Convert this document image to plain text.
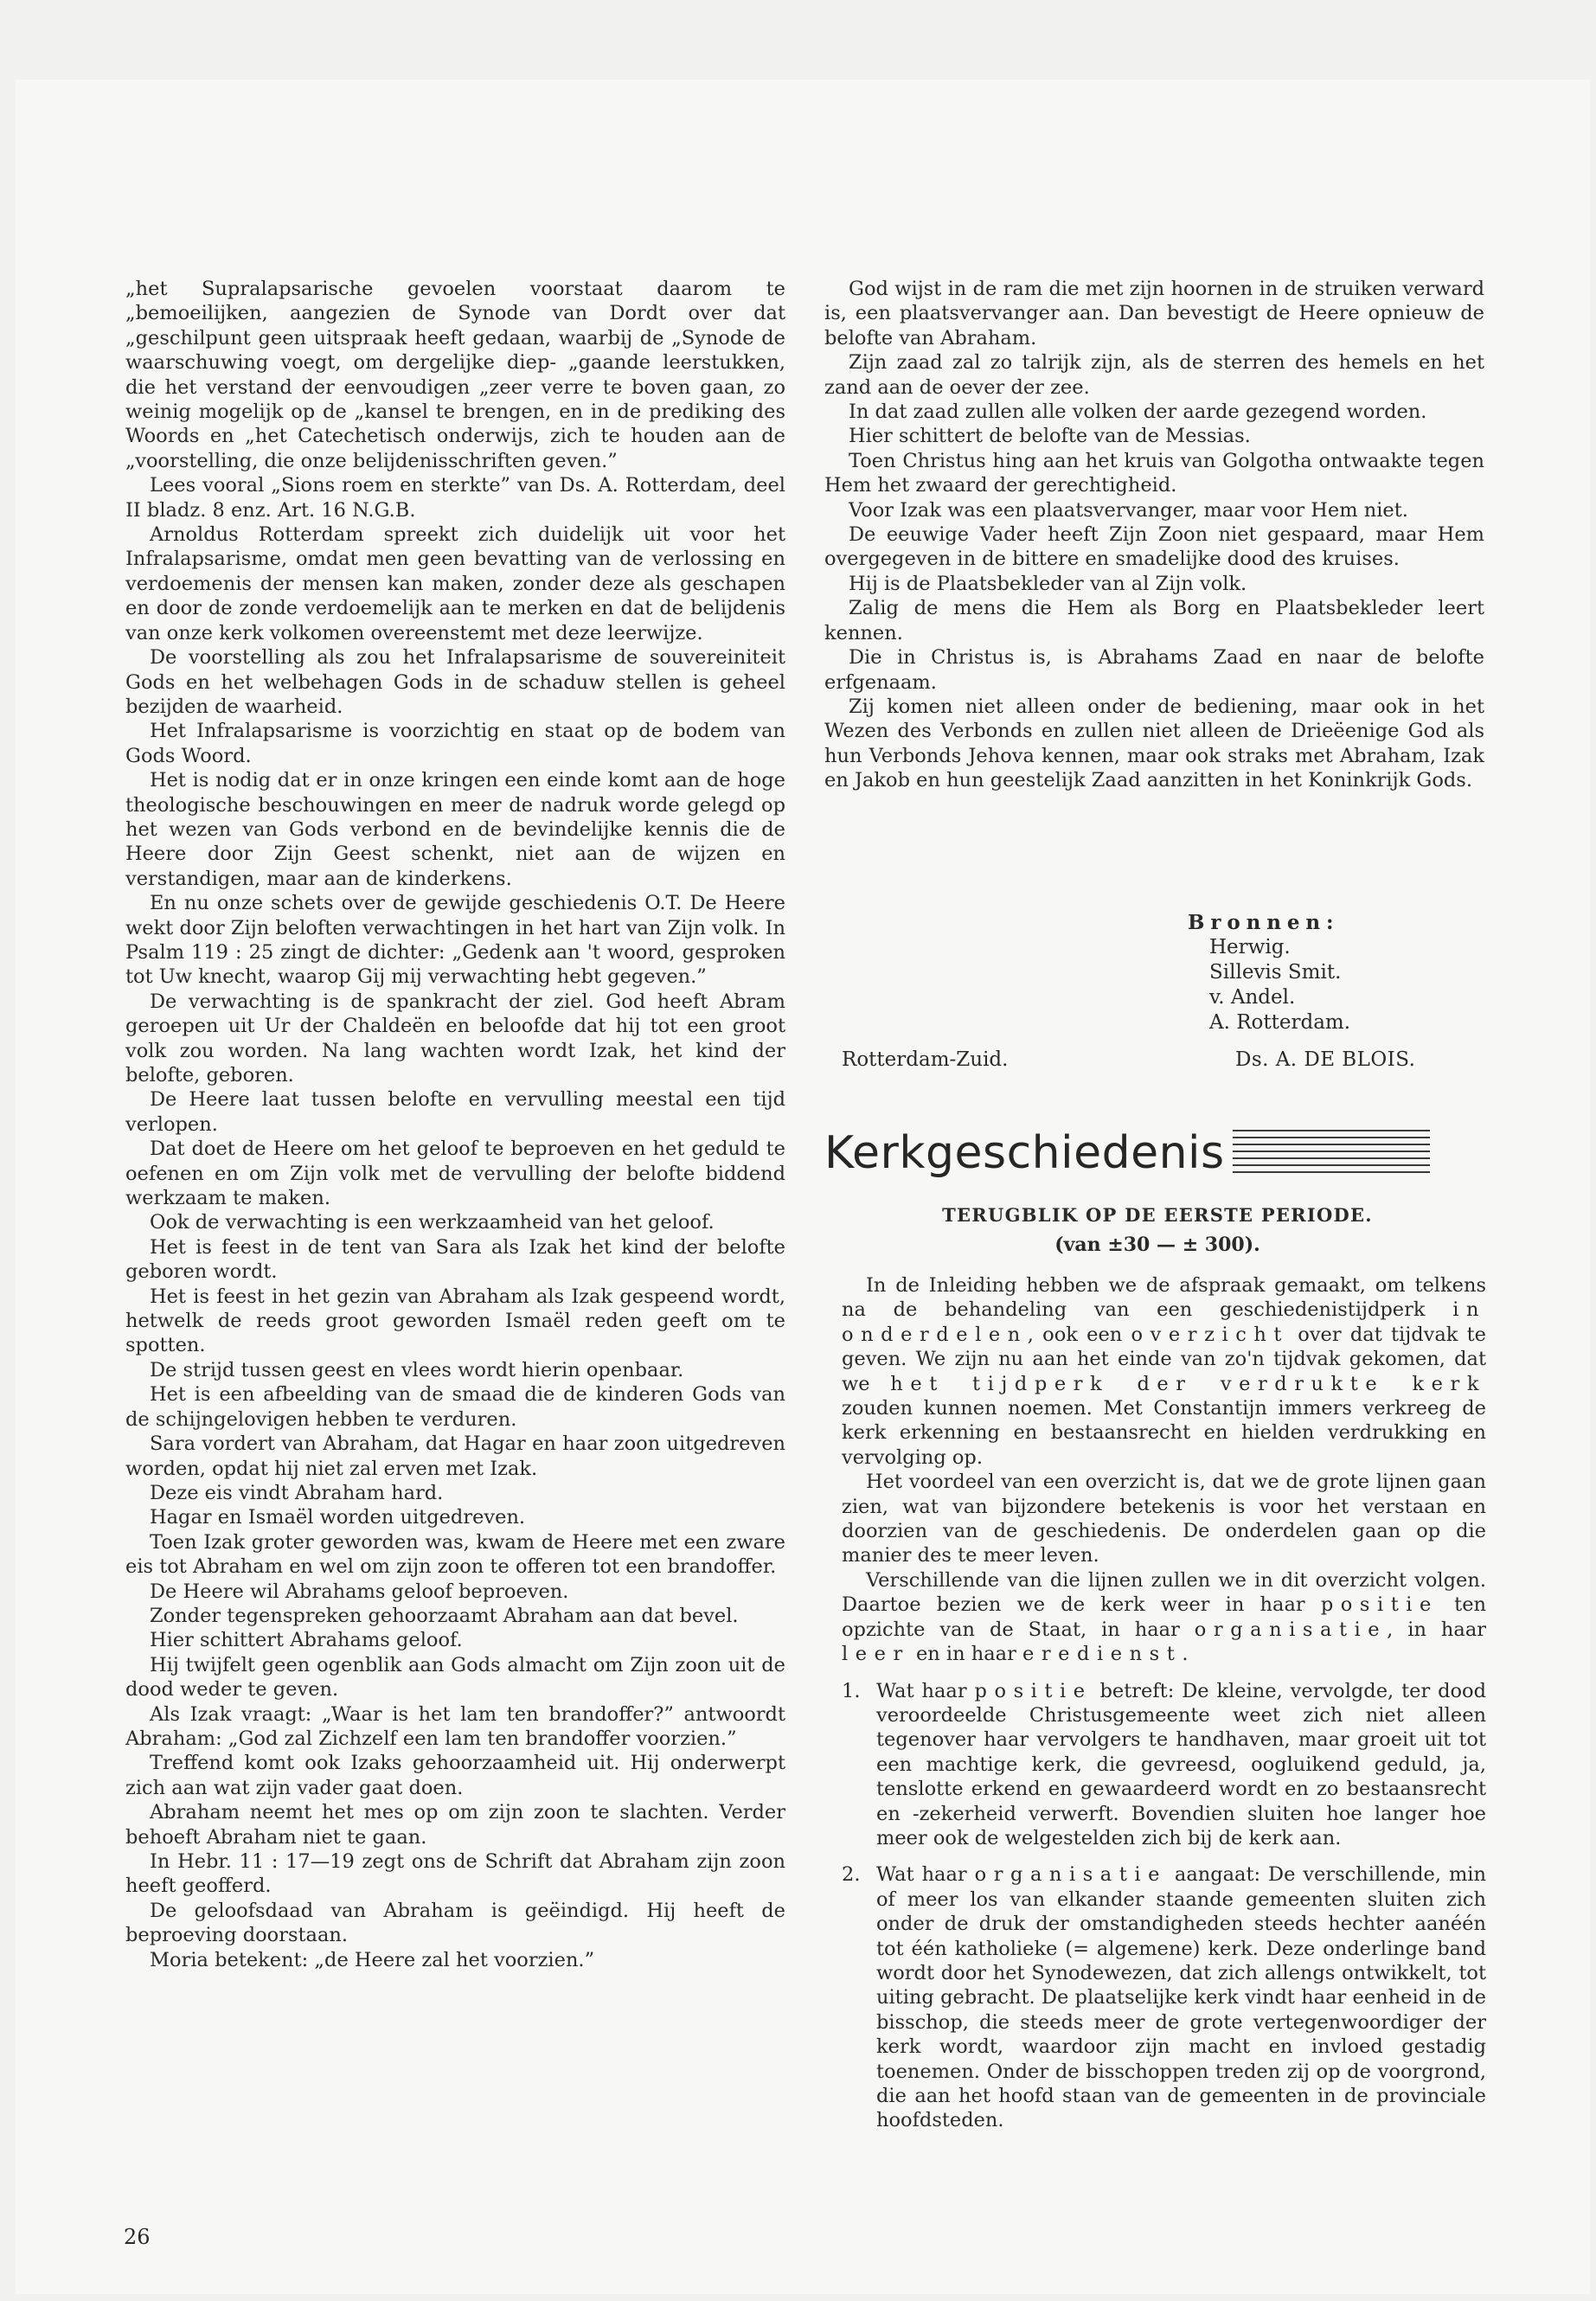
„het Supralapsarische gevoelen voorstaat daarom te „bemoeilijken, aangezien de Synode van Dordt over dat „geschilpunt geen uitspraak heeft gedaan, waarbij de „Synode de waarschuwing voegt, om dergelijke diep- „gaande leerstukken, die het verstand der eenvoudigen „zeer verre te boven gaan, zo weinig mogelijk op de „kansel te brengen, en in de prediking des Woords en „het Catechetisch onderwijs, zich te houden aan de „voorstelling, die onze belijdenisschriften geven.”

Lees vooral „Sions roem en sterkte” van Ds. A. Rotterdam, deel II bladz. 8 enz. Art. 16 N.G.B.

Arnoldus Rotterdam spreekt zich duidelijk uit voor het Infralapsarisme, omdat men geen bevatting van de verlossing en verdoemenis der mensen kan maken, zonder deze als geschapen en door de zonde verdoemelijk aan te merken en dat de belijdenis van onze kerk volkomen overeenstemt met deze leerwijze.

De voorstelling als zou het Infralapsarisme de souvereiniteit Gods en het welbehagen Gods in de schaduw stellen is geheel bezijden de waarheid.

Het Infralapsarisme is voorzichtig en staat op de bodem van Gods Woord.

Het is nodig dat er in onze kringen een einde komt aan de hoge theologische beschouwingen en meer de nadruk worde gelegd op het wezen van Gods verbond en de bevindelijke kennis die de Heere door Zijn Geest schenkt, niet aan de wijzen en verstandigen, maar aan de kinderkens.

En nu onze schets over de gewijde geschiedenis O.T. De Heere wekt door Zijn beloften verwachtingen in het hart van Zijn volk. In Psalm 119 : 25 zingt de dichter: „Gedenk aan 't woord, gesproken tot Uw knecht, waarop Gij mij verwachting hebt gegeven.”

De verwachting is de spankracht der ziel. God heeft Abram geroepen uit Ur der Chaldeën en beloofde dat hij tot een groot volk zou worden. Na lang wachten wordt Izak, het kind der belofte, geboren.

De Heere laat tussen belofte en vervulling meestal een tijd verlopen.

Dat doet de Heere om het geloof te beproeven en het geduld te oefenen en om Zijn volk met de vervulling der belofte biddend werkzaam te maken.

Ook de verwachting is een werkzaamheid van het geloof.

Het is feest in de tent van Sara als Izak het kind der belofte geboren wordt.

Het is feest in het gezin van Abraham als Izak gespeend wordt, hetwelk de reeds groot geworden Ismaël reden geeft om te spotten.

De strijd tussen geest en vlees wordt hierin openbaar.

Het is een afbeelding van de smaad die de kinderen Gods van de schijngelovigen hebben te verduren.

Sara vordert van Abraham, dat Hagar en haar zoon uitgedreven worden, opdat hij niet zal erven met Izak.

Deze eis vindt Abraham hard.

Hagar en Ismaël worden uitgedreven.

Toen Izak groter geworden was, kwam de Heere met een zware eis tot Abraham en wel om zijn zoon te offeren tot een brandoffer.

De Heere wil Abrahams geloof beproeven.

Zonder tegenspreken gehoorzaamt Abraham aan dat bevel.

Hier schittert Abrahams geloof.

Hij twijfelt geen ogenblik aan Gods almacht om Zijn zoon uit de dood weder te geven.

Als Izak vraagt: „Waar is het lam ten brandoffer?” antwoordt Abraham: „God zal Zichzelf een lam ten brandoffer voorzien.”

Treffend komt ook Izaks gehoorzaamheid uit. Hij onderwerpt zich aan wat zijn vader gaat doen.

Abraham neemt het mes op om zijn zoon te slachten. Verder behoeft Abraham niet te gaan.

In Hebr. 11 : 17—19 zegt ons de Schrift dat Abraham zijn zoon heeft geofferd.

De geloofsdaad van Abraham is geëindigd. Hij heeft de beproeving doorstaan.

Moria betekent: „de Heere zal het voorzien.”

God wijst in de ram die met zijn hoornen in de struiken verward is, een plaatsvervanger aan. Dan bevestigt de Heere opnieuw de belofte van Abraham.

Zijn zaad zal zo talrijk zijn, als de sterren des hemels en het zand aan de oever der zee.

In dat zaad zullen alle volken der aarde gezegend worden.

Hier schittert de belofte van de Messias.

Toen Christus hing aan het kruis van Golgotha ontwaakte tegen Hem het zwaard der gerechtigheid.

Voor Izak was een plaatsvervanger, maar voor Hem niet.

De eeuwige Vader heeft Zijn Zoon niet gespaard, maar Hem overgegeven in de bittere en smadelijke dood des kruises.

Hij is de Plaatsbekleder van al Zijn volk.

Zalig de mens die Hem als Borg en Plaatsbekleder leert kennen.

Die in Christus is, is Abrahams Zaad en naar de belofte erfgenaam.

Zij komen niet alleen onder de bediening, maar ook in het Wezen des Verbonds en zullen niet alleen de Drieëenige God als hun Verbonds Jehova kennen, maar ook straks met Abraham, Izak en Jakob en hun geestelijk Zaad aanzitten in het Koninkrijk Gods.

Bronnen:
Herwig.
Sillevis Smit.
v. Andel.
A. Rotterdam.
Rotterdam-Zuid.	Ds. A. DE BLOIS.
Kerkgeschiedenis
TERUGBLIK OP DE EERSTE PERIODE.
(van ±30 — ± 300).

In de Inleiding hebben we de afspraak gemaakt, om telkens na de behandeling van een geschiedenistijdperk in onderdelen, ook een overzicht over dat tijdvak te geven. We zijn nu aan het einde van zo'n tijdvak gekomen, dat we het tijdperk der verdrukte kerk zouden kunnen noemen. Met Constantijn immers verkreeg de kerk erkenning en bestaansrecht en hielden verdrukking en vervolging op.

Het voordeel van een overzicht is, dat we de grote lijnen gaan zien, wat van bijzondere betekenis is voor het verstaan en doorzien van de geschiedenis. De onderdelen gaan op die manier des te meer leven.

Verschillende van die lijnen zullen we in dit overzicht volgen. Daartoe bezien we de kerk weer in haar positie ten opzichte van de Staat, in haar organisatie, in haar leer en in haar eredienst.

1. Wat haar positie betreft: De kleine, vervolgde, ter dood veroordeelde Christusgemeente weet zich niet alleen tegenover haar vervolgers te handhaven, maar groeit uit tot een machtige kerk, die gevreesd, oogluikend geduld, ja, tenslotte erkend en gewaardeerd wordt en zo bestaansrecht en -zekerheid verwerft. Bovendien sluiten hoe langer hoe meer ook de welgestelden zich bij de kerk aan.
2. Wat haar organisatie aangaat: De verschillende, min of meer los van elkander staande gemeenten sluiten zich onder de druk der omstandigheden steeds hechter aanéén tot één katholieke (= algemene) kerk. Deze onderlinge band wordt door het Synodewezen, dat zich allengs ontwikkelt, tot uiting gebracht. De plaatselijke kerk vindt haar eenheid in de bisschop, die steeds meer de grote vertegenwoordiger der kerk wordt, waardoor zijn macht en invloed gestadig toenemen. Onder de bisschoppen treden zij op de voorgrond, die aan het hoofd staan van de gemeenten in de provinciale hoofdsteden.
26
